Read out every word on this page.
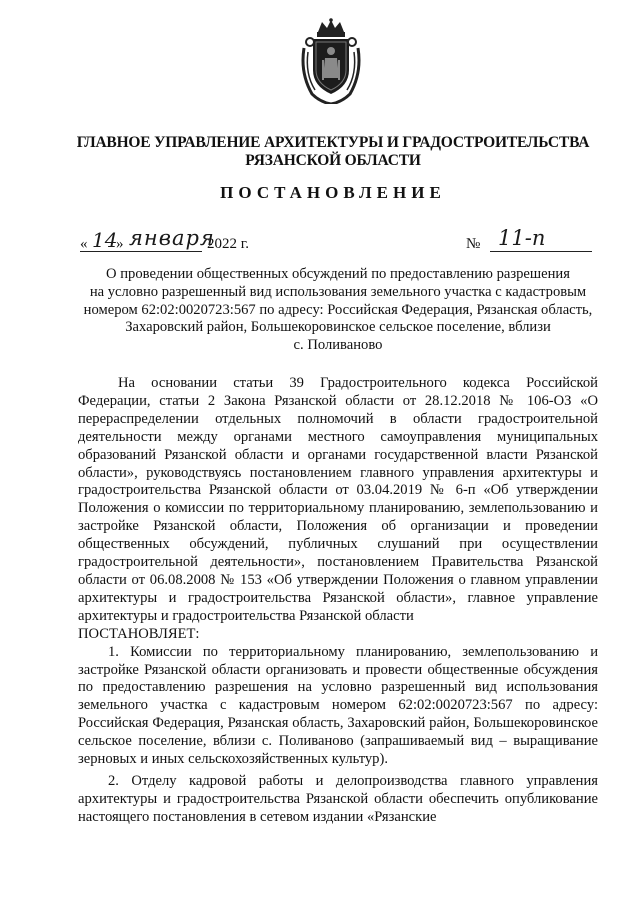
ГЛАВНОЕ УПРАВЛЕНИЕ АРХИТЕКТУРЫ И ГРАДОСТРОИТЕЛЬСТВА
РЯЗАНСКОЙ ОБЛАСТИ
ПОСТАНОВЛЕНИЕ
« 14
» января
2022 г.	№ 11-п
О проведении общественных обсуждений по предоставлению разрешения
на условно разрешенный вид использования земельного участка с кадастровым
номером 62:02:0020723:567 по адресу: Российская Федерация, Рязанская область,
Захаровский район, Большекоровинское сельское поселение, вблизи
с. Поливаново

На основании статьи 39 Градостроительного кодекса Российской Федерации, статьи 2 Закона Рязанской области от 28.12.2018 № 106-ОЗ «О перераспределении отдельных полномочий в области градостроительной деятельности между органами местного самоуправления муниципальных образований Рязанской области и органами государственной власти Рязанской области», руководствуясь постановлением главного управления архитектуры и градостроительства Рязанской области от 03.04.2019 № 6-п «Об утверждении Положения о комиссии по территориальному планированию, землепользованию и застройке Рязанской области, Положения об организации и проведении общественных обсуждений, публичных слушаний при осуществлении градостроительной деятельности», постановлением Правительства Рязанской области от 06.08.2008 № 153 «Об утверждении Положения о главном управлении архитектуры и градостроительства Рязанской области», главное управление архитектуры и градостроительства Рязанской области

ПОСТАНОВЛЯЕТ:

1. Комиссии по территориальному планированию, землепользованию и застройке Рязанской области организовать и провести общественные обсуждения по предоставлению разрешения на условно разрешенный вид использования земельного участка с кадастровым номером 62:02:0020723:567 по адресу: Российская Федерация, Рязанская область, Захаровский район, Большекоровинское сельское поселение, вблизи с. Поливаново (запрашиваемый вид – выращивание зерновых и иных сельскохозяйственных культур).

2. Отделу кадровой работы и делопроизводства главного управления архитектуры и градостроительства Рязанской области обеспечить опубликование настоящего постановления в сетевом издании «Рязанские
